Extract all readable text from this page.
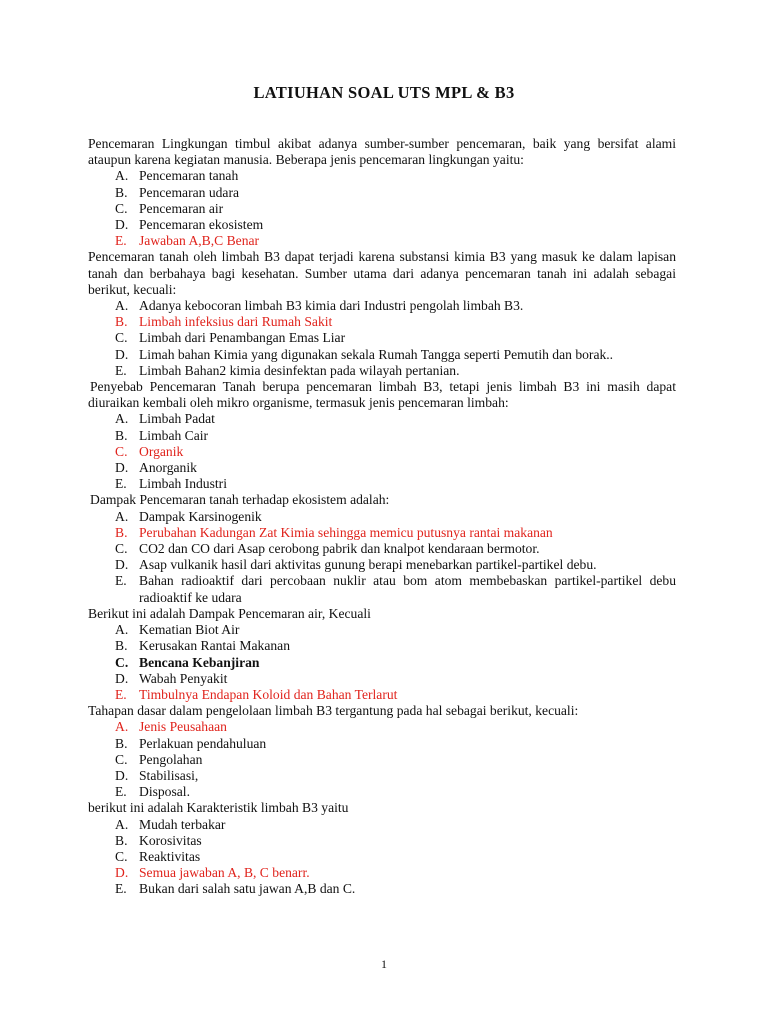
LATIUHAN SOAL UTS MPL & B3
Pencemaran Lingkungan timbul akibat adanya sumber-sumber pencemaran, baik yang bersifat alami ataupun karena kegiatan manusia. Beberapa jenis pencemaran lingkungan yaitu:
A. Pencemaran tanah
B. Pencemaran udara
C. Pencemaran air
D. Pencemaran ekosistem
E. Jawaban A,B,C Benar
Pencemaran tanah oleh limbah B3 dapat terjadi karena substansi kimia B3 yang masuk ke dalam lapisan tanah dan berbahaya bagi kesehatan. Sumber utama dari adanya pencemaran tanah ini adalah sebagai berikut, kecuali:
A. Adanya kebocoran limbah B3 kimia dari Industri pengolah limbah B3.
B. Limbah infeksius dari Rumah Sakit
C. Limbah dari Penambangan Emas Liar
D. Limah bahan Kimia yang digunakan sekala Rumah Tangga seperti Pemutih dan borak..
E. Limbah Bahan2 kimia desinfektan pada wilayah pertanian.
Penyebab Pencemaran Tanah berupa pencemaran limbah B3, tetapi jenis limbah B3 ini masih dapat diuraikan kembali oleh mikro organisme, termasuk jenis pencemaran limbah:
A. Limbah Padat
B. Limbah Cair
C. Organik
D. Anorganik
E. Limbah Industri
Dampak Pencemaran tanah terhadap ekosistem adalah:
A. Dampak Karsinogenik
B. Perubahan Kadungan Zat Kimia sehingga memicu putusnya rantai makanan
C. CO2 dan CO dari Asap cerobong pabrik dan knalpot kendaraan bermotor.
D. Asap vulkanik hasil dari aktivitas gunung berapi menebarkan partikel-partikel debu.
E. Bahan radioaktif dari percobaan nuklir atau bom atom membebaskan partikel-partikel debu radioaktif ke udara
Berikut ini adalah Dampak Pencemaran air, Kecuali
A. Kematian Biot Air
B. Kerusakan Rantai Makanan
C. Bencana Kebanjiran
D. Wabah Penyakit
E. Timbulnya Endapan Koloid dan Bahan Terlarut
Tahapan dasar dalam pengelolaan limbah B3 tergantung pada hal sebagai berikut, kecuali:
A. Jenis Peusahaan
B. Perlakuan pendahuluan
C. Pengolahan
D. Stabilisasi,
E. Disposal.
berikut ini adalah Karakteristik limbah B3 yaitu
A. Mudah terbakar
B. Korosivitas
C. Reaktivitas
D. Semua jawaban A, B, C benarr.
E. Bukan dari salah satu jawan A,B dan C.
1
